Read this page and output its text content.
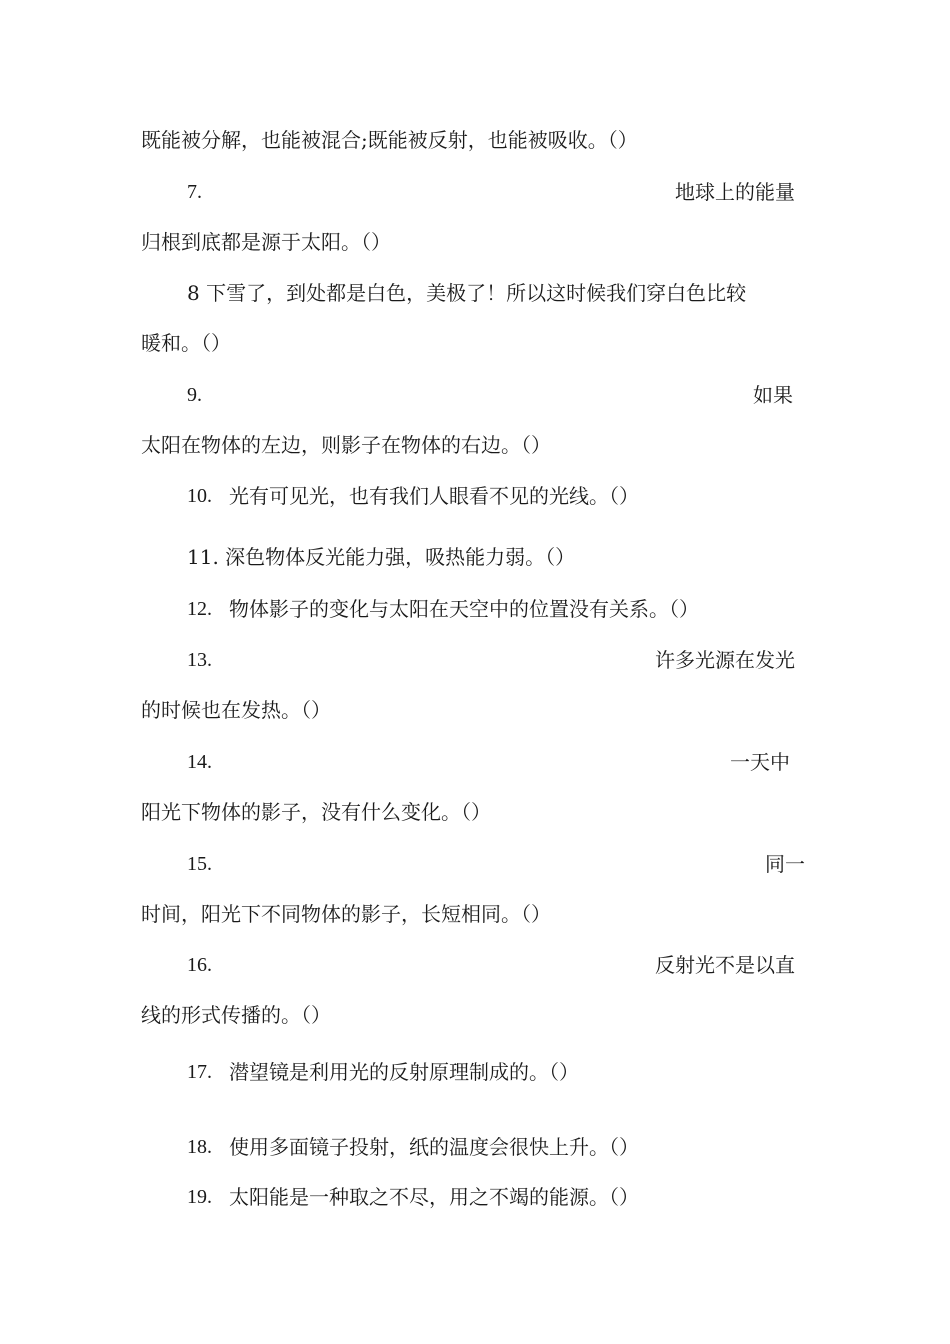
既能被分解，也能被混合;既能被反射，也能被吸收。（）
7.	地球上的能量
归根到底都是源于太阳。（）
8 下雪了，到处都是白色，美极了！所以这时候我们穿白色比较
暖和。（）
9.	如果
太阳在物体的左边，则影子在物体的右边。（）
10. 光有可见光，也有我们人眼看不见的光线。（）
11. 深色物体反光能力强，吸热能力弱。（）
12. 物体影子的变化与太阳在天空中的位置没有关系。（）
13.	许多光源在发光
的时候也在发热。（）
14.	一天中
阳光下物体的影子，没有什么变化。（）
15.	同一
时间，阳光下不同物体的影子，长短相同。（）
16.	反射光不是以直
线的形式传播的。（）
17. 潜望镜是利用光的反射原理制成的。（）
18. 使用多面镜子投射，纸的温度会很快上升。（）
19. 太阳能是一种取之不尽，用之不竭的能源。（）
